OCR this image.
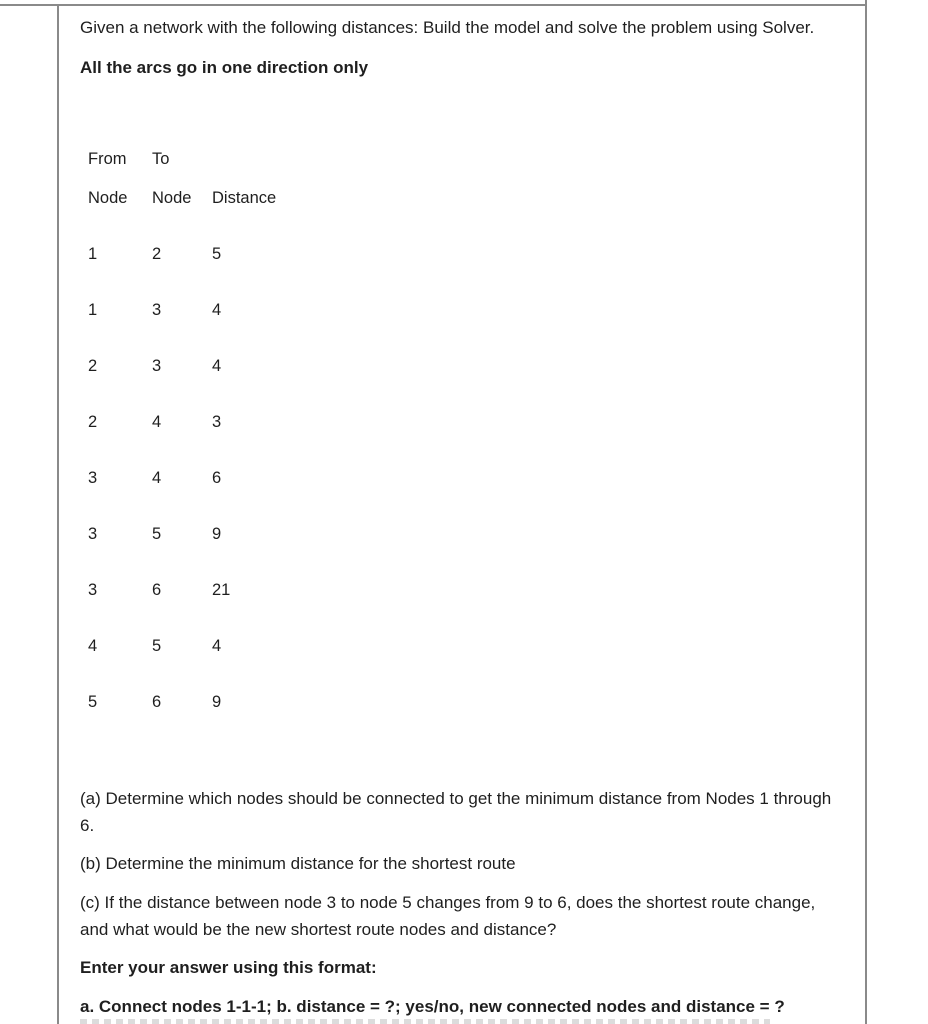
Given a network with the following distances: Build the model and solve the problem using Solver.
All the arcs go in one direction only
From To
Node Node Distance
1	2	5
1	3	4
2	3	4
2	4	3
3	4	6
3	5	9
3	6	21
4	5	4
5	6	9
(a) Determine which nodes should be connected to get the minimum distance from Nodes 1 through 6.
(b) Determine the minimum distance for the shortest route
(c) If the distance between node 3 to node 5 changes from 9 to 6, does the shortest route change, and what would be the new shortest route nodes and distance?
Enter your answer using this format:
a. Connect nodes 1-1-1; b. distance = ?; yes/no, new connected nodes and distance = ?
